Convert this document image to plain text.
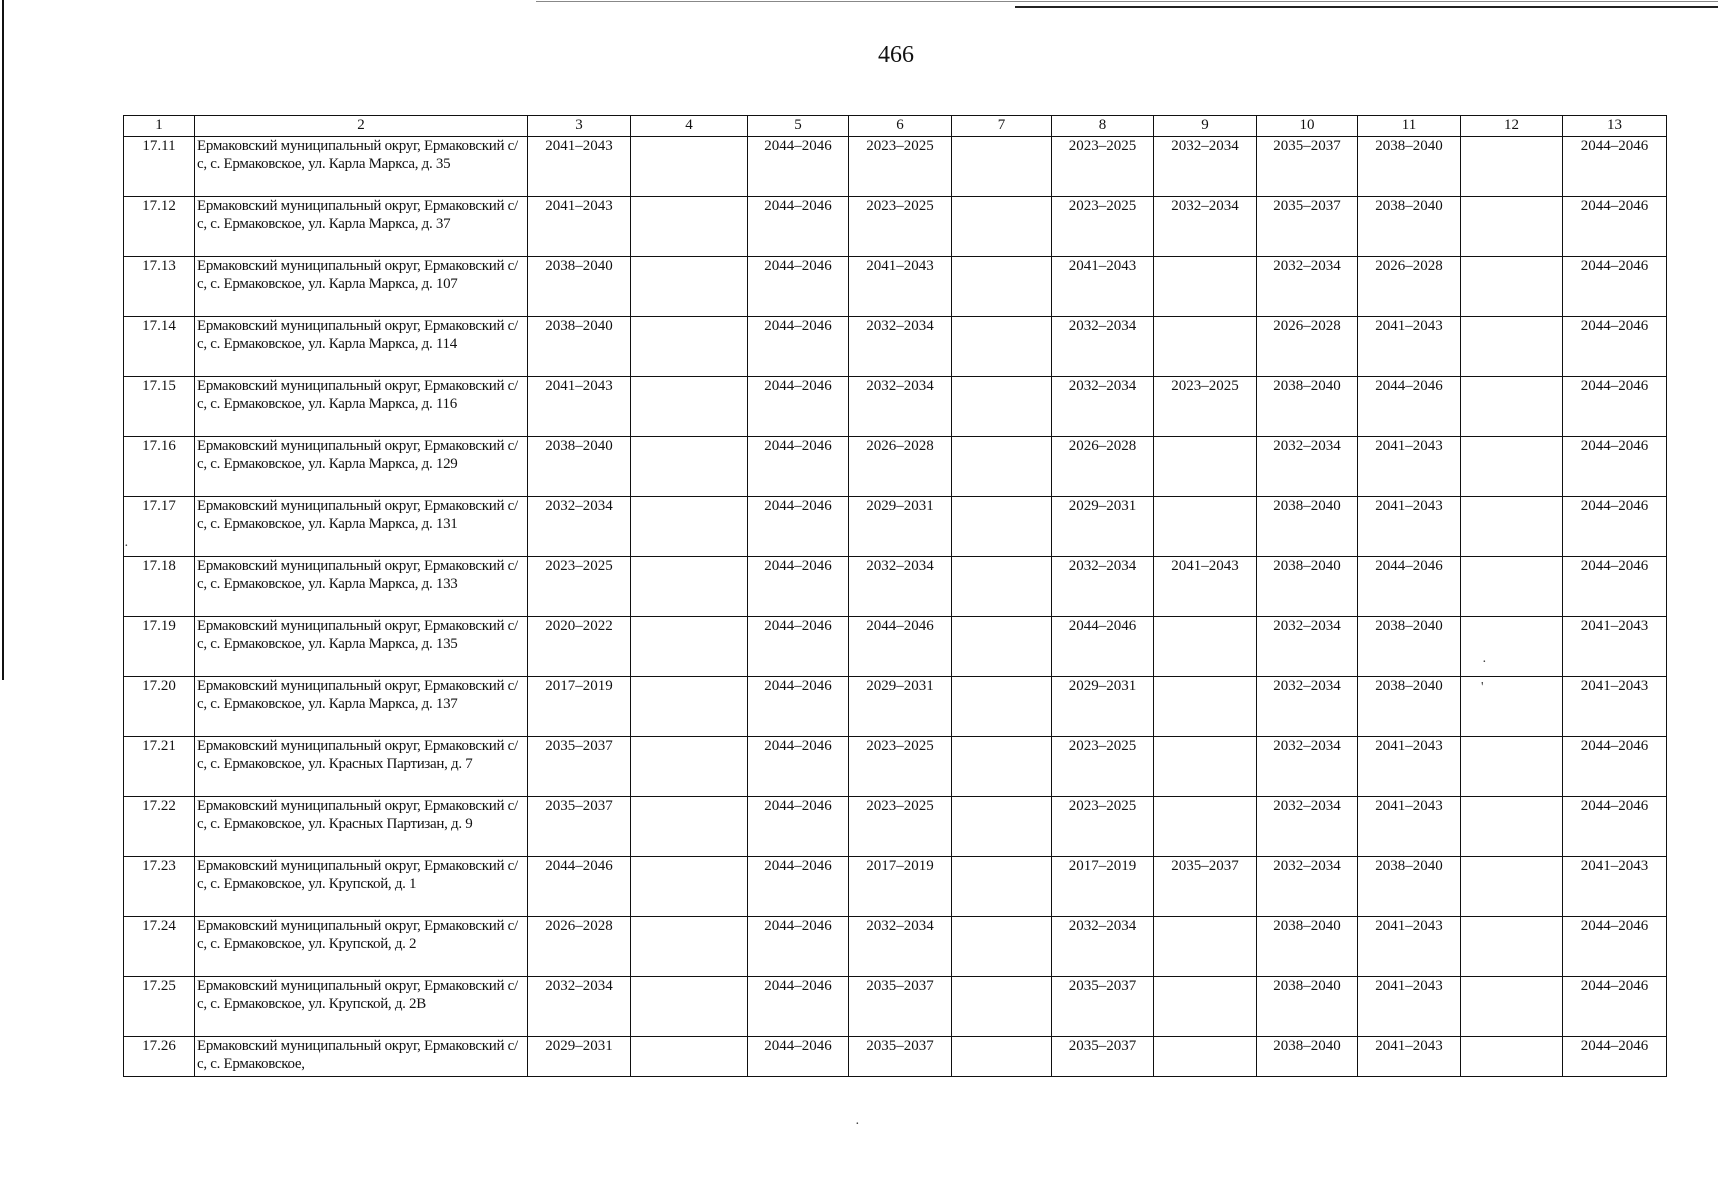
466
·
'
·
·
1	2	3	4	5	6	7	8	9	10	11	12	13
17.11	Ермаковский муниципальный округ, Ермаковский с/с, с. Ермаковское, ул. Карла Маркса, д. 35	2041–2043		2044–2046	2023–2025		2023–2025	2032–2034	2035–2037	2038–2040		2044–2046
17.12	Ермаковский муниципальный округ, Ермаковский с/с, с. Ермаковское, ул. Карла Маркса, д. 37	2041–2043		2044–2046	2023–2025		2023–2025	2032–2034	2035–2037	2038–2040		2044–2046
17.13	Ермаковский муниципальный округ, Ермаковский с/с, с. Ермаковское, ул. Карла Маркса, д. 107	2038–2040		2044–2046	2041–2043		2041–2043		2032–2034	2026–2028		2044–2046
17.14	Ермаковский муниципальный округ, Ермаковский с/с, с. Ермаковское, ул. Карла Маркса, д. 114	2038–2040		2044–2046	2032–2034		2032–2034		2026–2028	2041–2043		2044–2046
17.15	Ермаковский муниципальный округ, Ермаковский с/с, с. Ермаковское, ул. Карла Маркса, д. 116	2041–2043		2044–2046	2032–2034		2032–2034	2023–2025	2038–2040	2044–2046		2044–2046
17.16	Ермаковский муниципальный округ, Ермаковский с/с, с. Ермаковское, ул. Карла Маркса, д. 129	2038–2040		2044–2046	2026–2028		2026–2028		2032–2034	2041–2043		2044–2046
17.17	Ермаковский муниципальный округ, Ермаковский с/с, с. Ермаковское, ул. Карла Маркса, д. 131	2032–2034		2044–2046	2029–2031		2029–2031		2038–2040	2041–2043		2044–2046
17.18	Ермаковский муниципальный округ, Ермаковский с/с, с. Ермаковское, ул. Карла Маркса, д. 133	2023–2025		2044–2046	2032–2034		2032–2034	2041–2043	2038–2040	2044–2046		2044–2046
17.19	Ермаковский муниципальный округ, Ермаковский с/с, с. Ермаковское, ул. Карла Маркса, д. 135	2020–2022		2044–2046	2044–2046		2044–2046		2032–2034	2038–2040		2041–2043
17.20	Ермаковский муниципальный округ, Ермаковский с/с, с. Ермаковское, ул. Карла Маркса, д. 137	2017–2019		2044–2046	2029–2031		2029–2031		2032–2034	2038–2040		2041–2043
17.21	Ермаковский муниципальный округ, Ермаковский с/с, с. Ермаковское, ул. Красных Партизан, д. 7	2035–2037		2044–2046	2023–2025		2023–2025		2032–2034	2041–2043		2044–2046
17.22	Ермаковский муниципальный округ, Ермаковский с/с, с. Ермаковское, ул. Красных Партизан, д. 9	2035–2037		2044–2046	2023–2025		2023–2025		2032–2034	2041–2043		2044–2046
17.23	Ермаковский муниципальный округ, Ермаковский с/с, с. Ермаковское, ул. Крупской, д. 1	2044–2046		2044–2046	2017–2019		2017–2019	2035–2037	2032–2034	2038–2040		2041–2043
17.24	Ермаковский муниципальный округ, Ермаковский с/с, с. Ермаковское, ул. Крупской, д. 2	2026–2028		2044–2046	2032–2034		2032–2034		2038–2040	2041–2043		2044–2046
17.25	Ермаковский муниципальный округ, Ермаковский с/с, с. Ермаковское, ул. Крупской, д. 2В	2032–2034		2044–2046	2035–2037		2035–2037		2038–2040	2041–2043		2044–2046
17.26	Ермаковский муниципальный округ, Ермаковский с/с, с. Ермаковское,	2029–2031		2044–2046	2035–2037		2035–2037		2038–2040	2041–2043		2044–2046
